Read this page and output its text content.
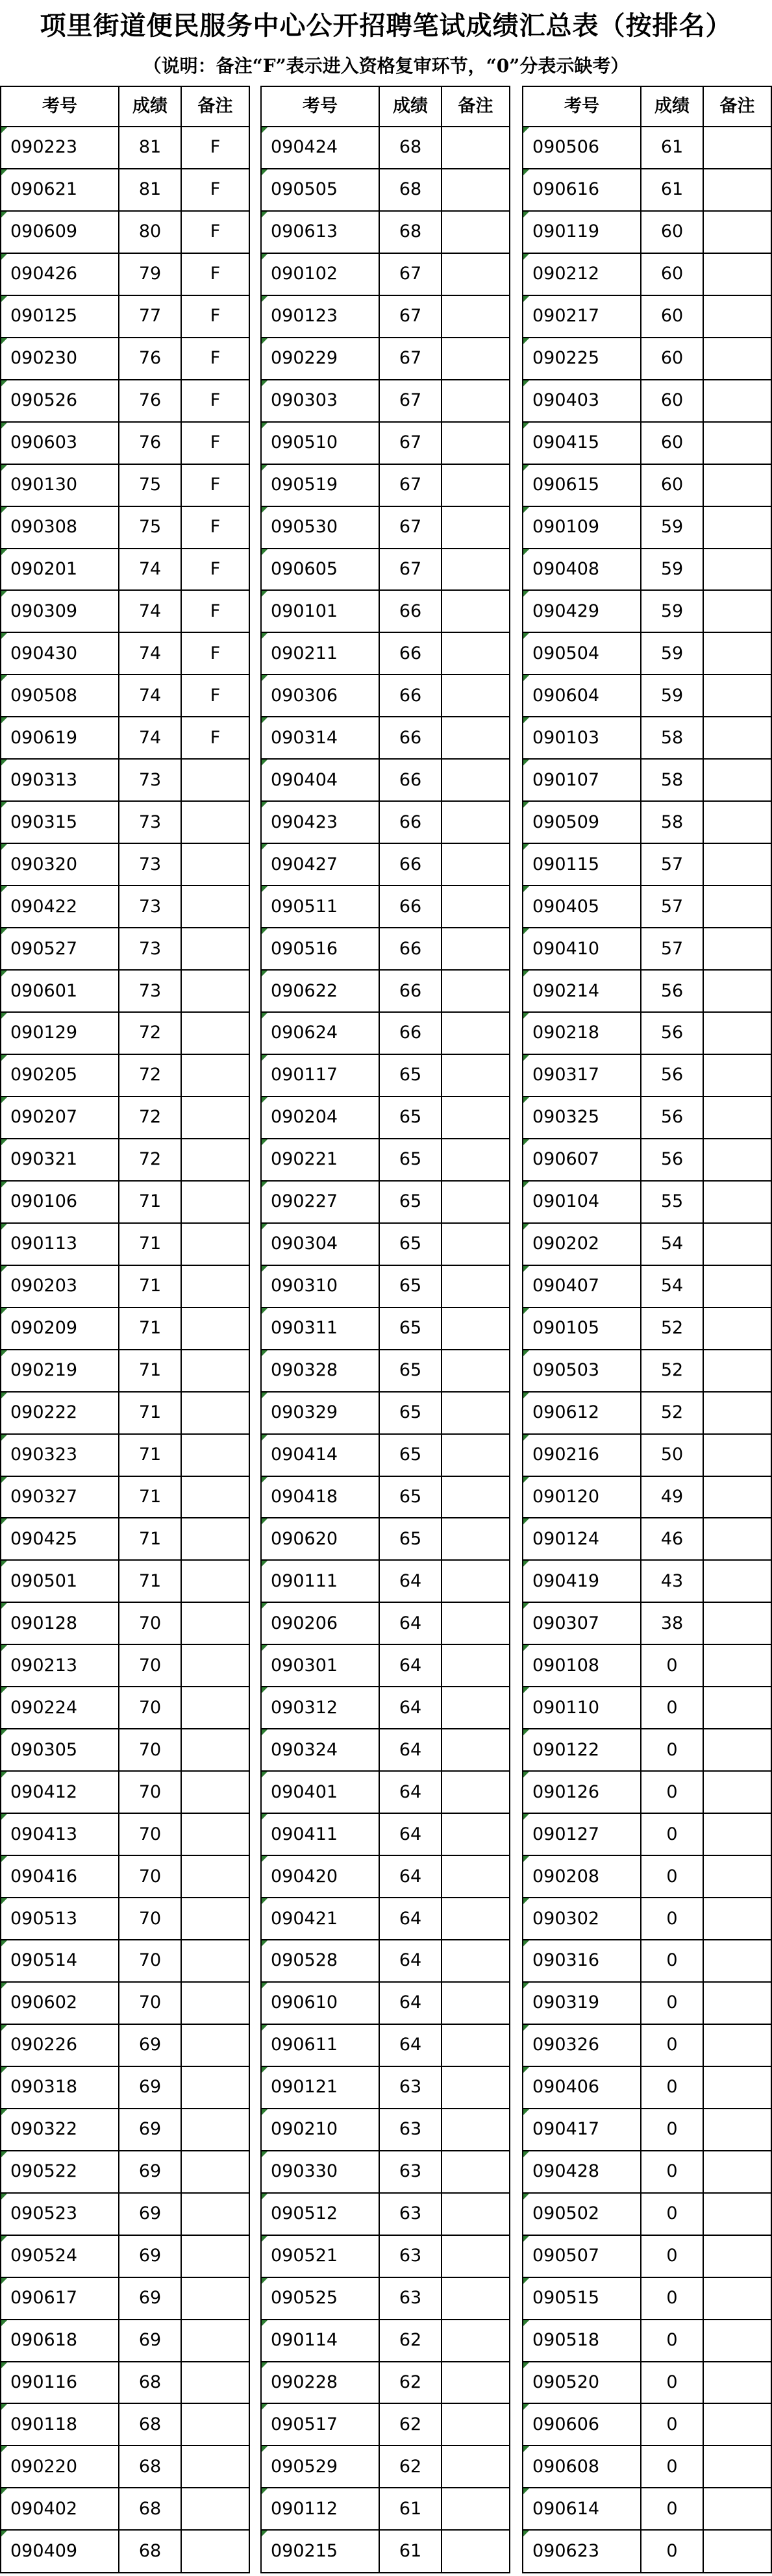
项里街道便民服务中心公开招聘笔试成绩汇总表（按排名）
（说明：备注“F”表示进入资格复审环节，“0”分表示缺考）
考号	成绩	备注
090223	81	F
090621	81	F
090609	80	F
090426	79	F
090125	77	F
090230	76	F
090526	76	F
090603	76	F
090130	75	F
090308	75	F
090201	74	F
090309	74	F
090430	74	F
090508	74	F
090619	74	F
090313	73	
090315	73	
090320	73	
090422	73	
090527	73	
090601	73	
090129	72	
090205	72	
090207	72	
090321	72	
090106	71	
090113	71	
090203	71	
090209	71	
090219	71	
090222	71	
090323	71	
090327	71	
090425	71	
090501	71	
090128	70	
090213	70	
090224	70	
090305	70	
090412	70	
090413	70	
090416	70	
090513	70	
090514	70	
090602	70	
090226	69	
090318	69	
090322	69	
090522	69	
090523	69	
090524	69	
090617	69	
090618	69	
090116	68	
090118	68	
090220	68	
090402	68	
090409	68	
考号	成绩	备注
090424	68	
090505	68	
090613	68	
090102	67	
090123	67	
090229	67	
090303	67	
090510	67	
090519	67	
090530	67	
090605	67	
090101	66	
090211	66	
090306	66	
090314	66	
090404	66	
090423	66	
090427	66	
090511	66	
090516	66	
090622	66	
090624	66	
090117	65	
090204	65	
090221	65	
090227	65	
090304	65	
090310	65	
090311	65	
090328	65	
090329	65	
090414	65	
090418	65	
090620	65	
090111	64	
090206	64	
090301	64	
090312	64	
090324	64	
090401	64	
090411	64	
090420	64	
090421	64	
090528	64	
090610	64	
090611	64	
090121	63	
090210	63	
090330	63	
090512	63	
090521	63	
090525	63	
090114	62	
090228	62	
090517	62	
090529	62	
090112	61	
090215	61	
考号	成绩	备注
090506	61	
090616	61	
090119	60	
090212	60	
090217	60	
090225	60	
090403	60	
090415	60	
090615	60	
090109	59	
090408	59	
090429	59	
090504	59	
090604	59	
090103	58	
090107	58	
090509	58	
090115	57	
090405	57	
090410	57	
090214	56	
090218	56	
090317	56	
090325	56	
090607	56	
090104	55	
090202	54	
090407	54	
090105	52	
090503	52	
090612	52	
090216	50	
090120	49	
090124	46	
090419	43	
090307	38	
090108	0	
090110	0	
090122	0	
090126	0	
090127	0	
090208	0	
090302	0	
090316	0	
090319	0	
090326	0	
090406	0	
090417	0	
090428	0	
090502	0	
090507	0	
090515	0	
090518	0	
090520	0	
090606	0	
090608	0	
090614	0	
090623	0	
